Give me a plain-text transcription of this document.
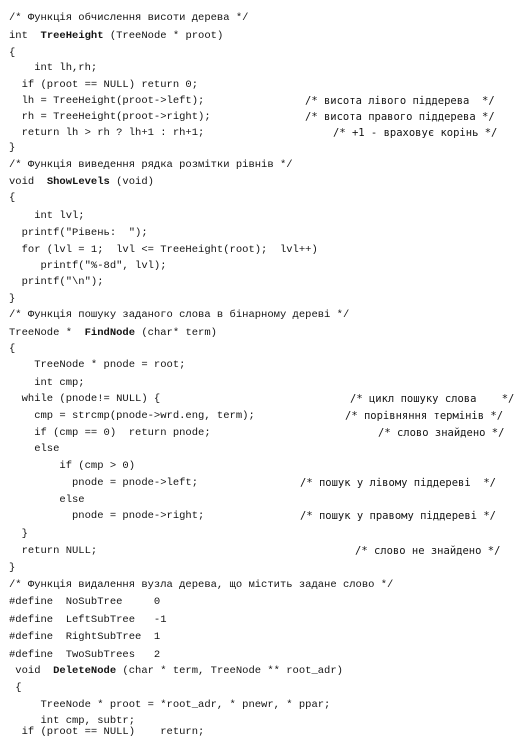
/* Функція обчислення висоти дерева */
int  TreeHeight (TreeNode * proot)
{
int lh,rh;
if (proot == NULL) return 0;
lh = TreeHeight(proot->left);	/* висота лівого піддерева  */
rh = TreeHeight(proot->right);	/* висота правого піддерева */
return lh > rh ? lh+1 : rh+1;	/* +1 - враховує корінь */
}
/* Функція виведення рядка розмітки рівнів */
void  ShowLevels (void)
{
int lvl;
printf("Рівень:  ");
for (lvl = 1;  lvl <= TreeHeight(root);  lvl++)
printf("%-8d", lvl);
printf("\n");
}
/* Функція пошуку заданого слова в бінарному дереві */
TreeNode *  FindNode (char* term)
{
TreeNode * pnode = root;
int cmp;
while (pnode!= NULL) {	/* цикл пошуку слова    */
cmp = strcmp(pnode->wrd.eng, term);	/* порівняння термінів */
if (cmp == 0)  return pnode;	/* слово знайдено */
else
if (cmp > 0)
pnode = pnode->left;	/* пошук у лівому піддереві  */
else
pnode = pnode->right;	/* пошук у правому піддереві */
}
return NULL;	/* слово не знайдено */
}
/* Функція видалення вузла дерева, що містить задане слово */
#define  NoSubTree     0
#define  LeftSubTree   -1
#define  RightSubTree  1
#define  TwoSubTrees   2
void  DeleteNode (char * term, TreeNode ** root_adr)
{
TreeNode * proot = *root_adr, * pnewr, * ppar;
int cmp, subtr;
if (proot == NULL)    return;
